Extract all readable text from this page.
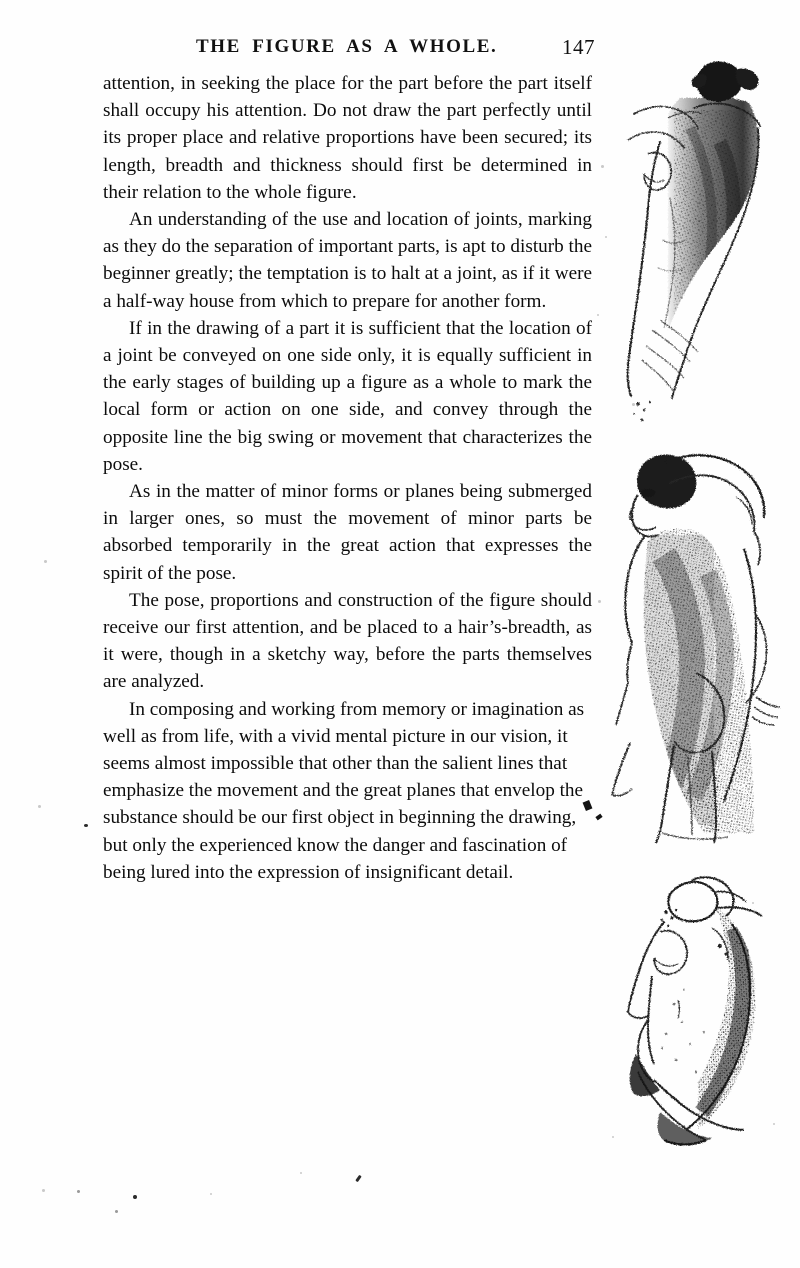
THE FIGURE AS A WHOLE.	147

attention, in seeking the place for the part before the part itself shall occupy his attention. Do not draw the part perfectly until its proper place and relative proportions have been secured; its length, breadth and thickness should first be determined in their relation to the whole figure.

An understanding of the use and location of joints, marking as they do the separation of important parts, is apt to disturb the beginner greatly; the temptation is to halt at a joint, as if it were a half-way house from which to prepare for another form.

If in the drawing of a part it is sufficient that the location of a joint be conveyed on one side only, it is equally sufficient in the early stages of building up a figure as a whole to mark the local form or action on one side, and convey through the opposite line the big swing or movement that characterizes the pose.

As in the matter of minor forms or planes being submerged in larger ones, so must the movement of minor parts be absorbed temporarily in the great action that expresses the spirit of the pose.

The pose, proportions and construction of the figure should receive our first attention, and be placed to a hair’s-breadth, as it were, though in a sketchy way, before the parts themselves are analyzed.

In composing and working from memory or imagination as well as from life, with a vivid mental picture in our vision, it seems almost impossible that other than the salient lines that emphasize the movement and the great planes that envelop the substance should be our first object in beginning the drawing, but only the experienced know the danger and fascination of being lured into the expression of insignificant detail.
